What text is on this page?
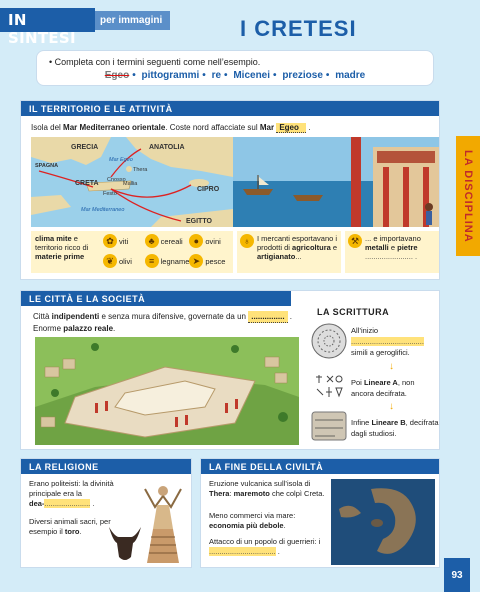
IN SINTESI
per immagini	I CRETESI
• Completa con i termini seguenti come nell’esempio.
Egeo • pittogrammi • re • Micenei • preziose • madre
LA DISCIPLINA
93
IL TERRITORIO E LE ATTIVITÀ
Isola del Mar Mediterraneo orientale. Coste nord affacciate sul Mar Egeo .
GRECIA	ANATOLIA
Mar Egeo
SPAGNA
CRETA
Thera
Cnosso
Mallia
Festo
CIPRO
Mar Mediterraneo
EGITTO
clima mite e territorio ricco di materie prime
✿ viti	♣ cereali	● ovini
❦ olivi	≡ legname ➤ pesce
♁ I mercanti esportavano i prodotti di agricoltura e artigianato...
⚒ ... e importavano metalli e pietre
....................... .
LE CITTÀ E LA SOCIETÀ
Città indipendenti e senza mura difensive, governate da un ............... . Enorme palazzo reale.
LA SCRITTURA
All’inizio
...................................
simili a geroglifici.
↓
Poi Lineare A, non ancora decifrata.
↓
Infine Lineare B, decifrata dagli studiosi.
LA RELIGIONE
Erano politeisti: la divinità principale era la dea-...................... .
Diversi animali sacri, per esempio il toro.
LA FINE DELLA CIVILTÀ
Eruzione vulcanica sull’isola di Thera: maremoto che colpì Creta.
Meno commerci via mare: economia più debole.
Attacco di un popolo di guerrieri: i ................................ .
